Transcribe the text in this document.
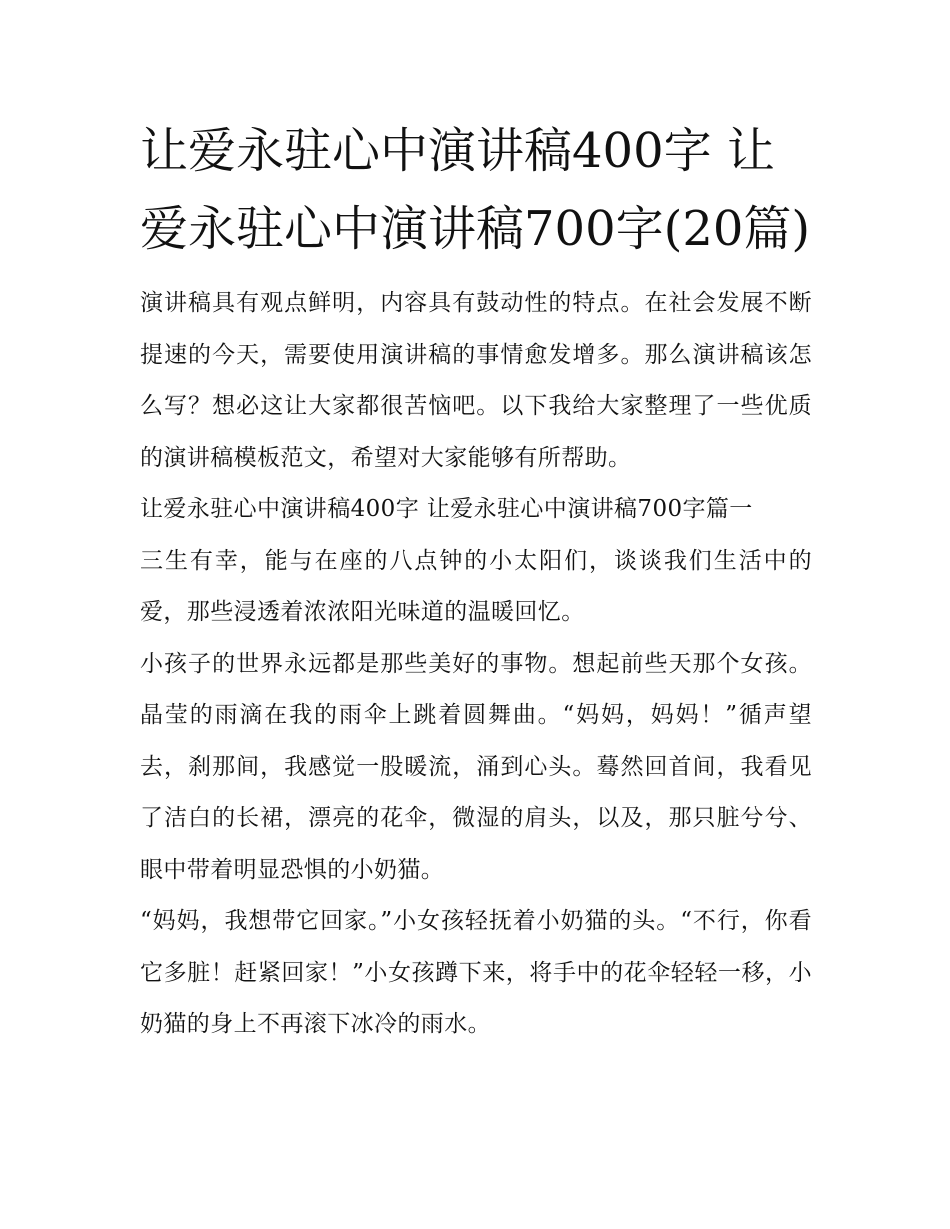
让爱永驻心中演讲稿400字 让爱永驻心中演讲稿700字(20篇)

演讲稿具有观点鲜明，内容具有鼓动性的特点。在社会发展不断提速的今天，需要使用演讲稿的事情愈发增多。那么演讲稿该怎么写？想必这让大家都很苦恼吧。以下我给大家整理了一些优质的演讲稿模板范文，希望对大家能够有所帮助。

让爱永驻心中演讲稿400字 让爱永驻心中演讲稿700字篇一

三生有幸，能与在座的八点钟的小太阳们，谈谈我们生活中的爱，那些浸透着浓浓阳光味道的温暖回忆。

小孩子的世界永远都是那些美好的事物。想起前些天那个女孩。晶莹的雨滴在我的雨伞上跳着圆舞曲。“妈妈，妈妈！”循声望去，刹那间，我感觉一股暖流，涌到心头。蓦然回首间，我看见了洁白的长裙，漂亮的花伞，微湿的肩头，以及，那只脏兮兮、眼中带着明显恐惧的小奶猫。

“妈妈，我想带它回家。”小女孩轻抚着小奶猫的头。“不行，你看它多脏！赶紧回家！”小女孩蹲下来，将手中的花伞轻轻一移，小奶猫的身上不再滚下冰冷的雨水。
